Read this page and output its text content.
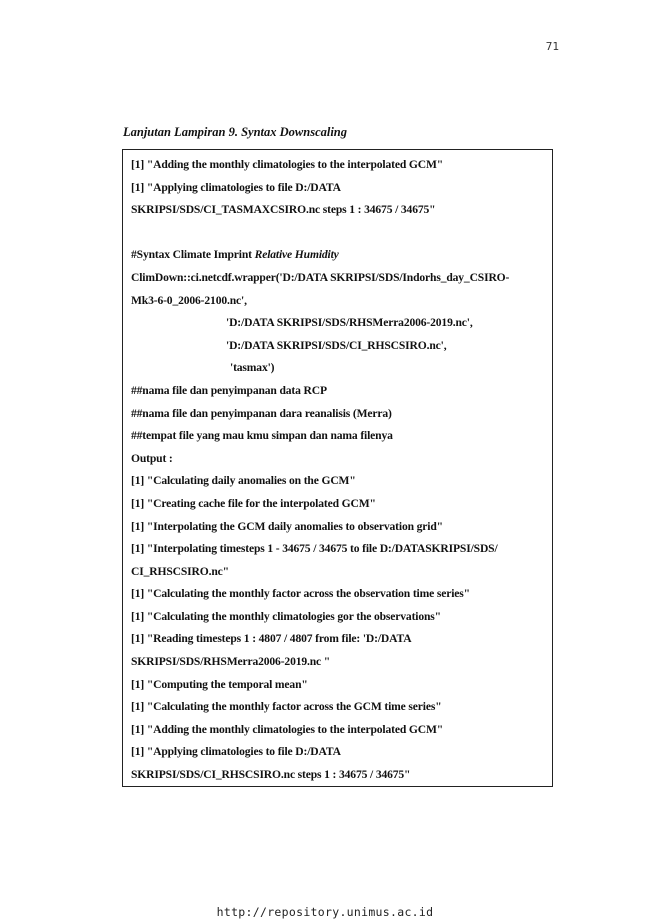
71
Lanjutan Lampiran 9. Syntax Downscaling
[1] "Adding the monthly climatologies to the interpolated GCM"
[1] "Applying climatologies to file D:/DATA
SKRIPSI/SDS/CI_TASMAXCSIRO.nc steps 1 : 34675 / 34675"
#Syntax Climate Imprint Relative Humidity
ClimDown::ci.netcdf.wrapper('D:/DATA SKRIPSI/SDS/Indorhs_day_CSIRO-
Mk3-6-0_2006-2100.nc',
'D:/DATA SKRIPSI/SDS/RHSMerra2006-2019.nc',
'D:/DATA SKRIPSI/SDS/CI_RHSCSIRO.nc',
'tasmax')
##nama file dan penyimpanan data RCP
##nama file dan penyimpanan dara reanalisis (Merra)
##tempat file yang mau kmu simpan dan nama filenya
Output :
[1] "Calculating daily anomalies on the GCM"
[1] "Creating cache file for the interpolated GCM"
[1] "Interpolating the GCM daily anomalies to observation grid"
[1] "Interpolating timesteps 1 - 34675 / 34675 to file D:/DATASKRIPSI/SDS/
CI_RHSCSIRO.nc"
[1] "Calculating the monthly factor across the observation time series"
[1] "Calculating the monthly climatologies gor the observations"
[1] "Reading timesteps 1 : 4807 / 4807 from file: 'D:/DATA
SKRIPSI/SDS/RHSMerra2006-2019.nc "
[1] "Computing the temporal mean"
[1] "Calculating the monthly factor across the GCM time series"
[1] "Adding the monthly climatologies to the interpolated GCM"
[1] "Applying climatologies to file D:/DATA
SKRIPSI/SDS/CI_RHSCSIRO.nc steps 1 : 34675 / 34675"
http://repository.unimus.ac.id
